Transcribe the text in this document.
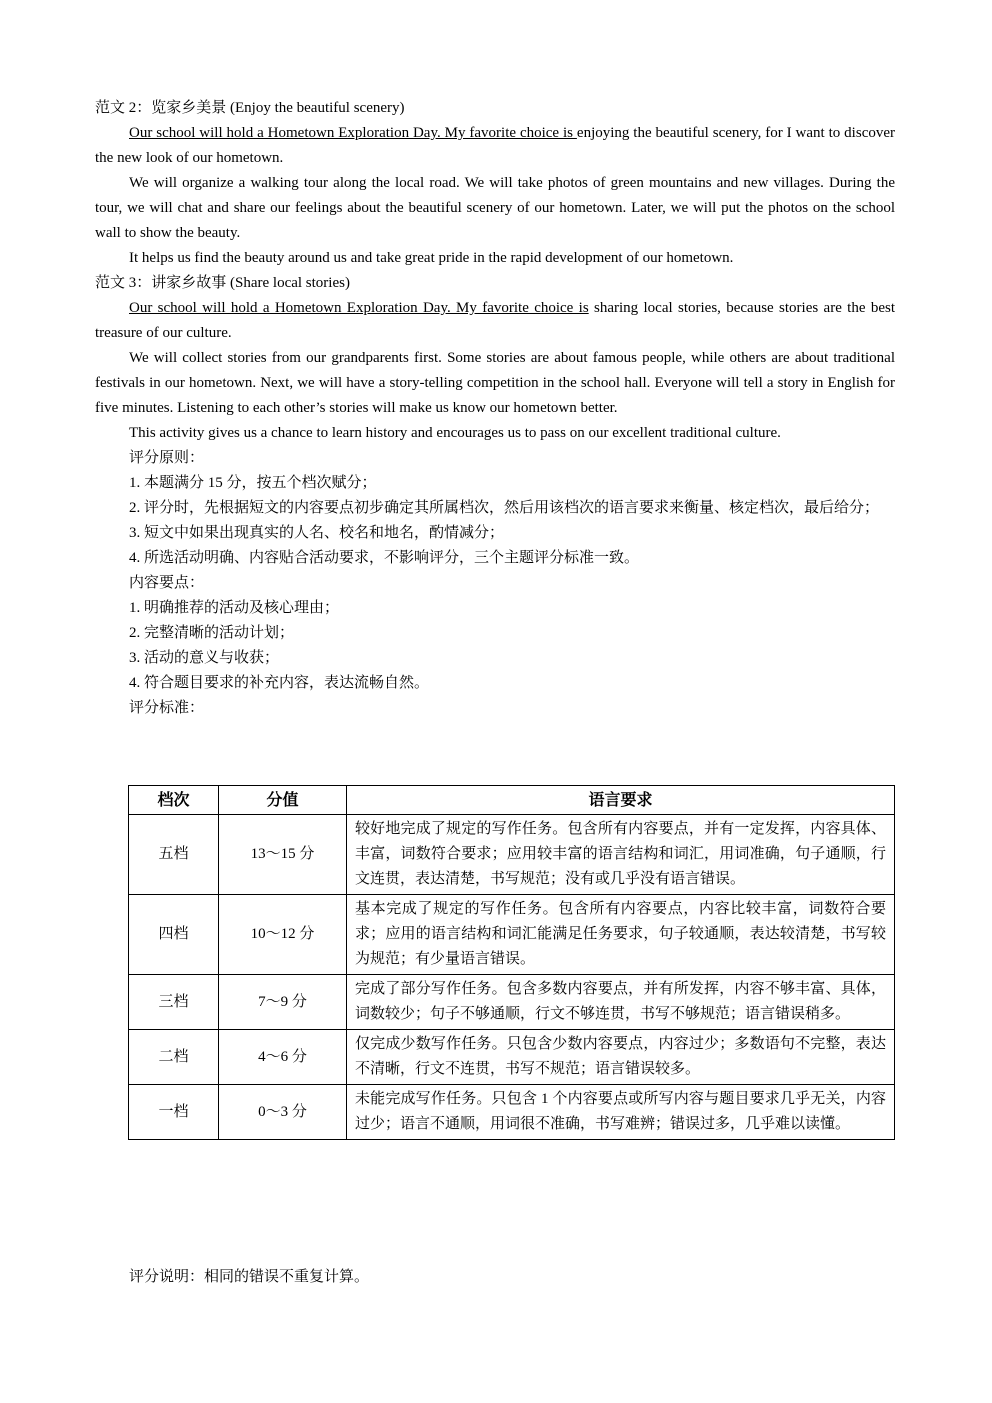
范文 2：览家乡美景 (Enjoy the beautiful scenery)

Our school will hold a Hometown Exploration Day. My favorite choice is enjoying the beautiful scenery, for I want to discover the new look of our hometown.

We will organize a walking tour along the local road. We will take photos of green mountains and new villages. During the tour, we will chat and share our feelings about the beautiful scenery of our hometown. Later, we will put the photos on the school wall to show the beauty.

It helps us find the beauty around us and take great pride in the rapid development of our hometown.

范文 3：讲家乡故事 (Share local stories)

Our school will hold a Hometown Exploration Day. My favorite choice is sharing local stories, because stories are the best treasure of our culture.

We will collect stories from our grandparents first. Some stories are about famous people, while others are about traditional festivals in our hometown. Next, we will have a story-telling competition in the school hall. Everyone will tell a story in English for five minutes. Listening to each other’s stories will make us know our hometown better.

This activity gives us a chance to learn history and encourages us to pass on our excellent traditional culture.

评分原则：

1. 本题满分 15 分，按五个档次赋分；

2. 评分时，先根据短文的内容要点初步确定其所属档次，然后用该档次的语言要求来衡量、核定档次，最后给分；

3. 短文中如果出现真实的人名、校名和地名，酌情减分；

4. 所选活动明确、内容贴合活动要求，不影响评分，三个主题评分标准一致。

内容要点：

1. 明确推荐的活动及核心理由；

2. 完整清晰的活动计划；

3. 活动的意义与收获；

4. 符合题目要求的补充内容，表达流畅自然。

评分标准：

档次	分值	语言要求
五档	13～15 分	较好地完成了规定的写作任务。包含所有内容要点，并有一定发挥，内容具体、丰富，词数符合要求；应用较丰富的语言结构和词汇，用词准确，句子通顺，行文连贯，表达清楚，书写规范；没有或几乎没有语言错误。
四档	10～12 分	基本完成了规定的写作任务。包含所有内容要点，内容比较丰富，词数符合要求；应用的语言结构和词汇能满足任务要求，句子较通顺，表达较清楚，书写较为规范；有少量语言错误。
三档	7～9 分	完成了部分写作任务。包含多数内容要点，并有所发挥，内容不够丰富、具体，词数较少；句子不够通顺，行文不够连贯，书写不够规范；语言错误稍多。
二档	4～6 分	仅完成少数写作任务。只包含少数内容要点，内容过少；多数语句不完整，表达不清晰，行文不连贯，书写不规范；语言错误较多。
一档	0～3 分	未能完成写作任务。只包含 1 个内容要点或所写内容与题目要求几乎无关，内容过少；语言不通顺，用词很不准确，书写难辨；错误过多，几乎难以读懂。

评分说明：相同的错误不重复计算。
